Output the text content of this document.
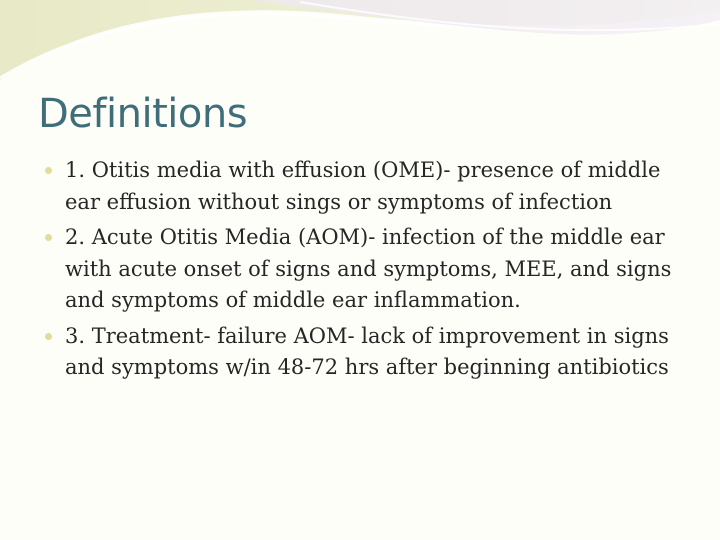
Definitions
1. Otitis media with effusion (OME)- presence of middle ear effusion without sings or symptoms of infection
2. Acute Otitis Media (AOM)- infection of the middle ear with acute onset of signs and symptoms, MEE, and signs and symptoms of middle ear inflammation.
3. Treatment- failure AOM- lack of improvement in signs and symptoms w/in 48-72 hrs after beginning antibiotics
